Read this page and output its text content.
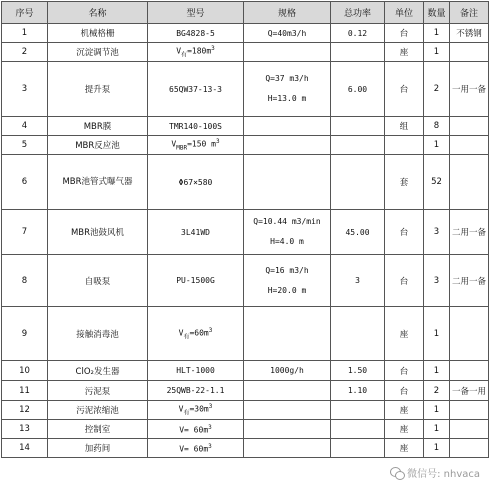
序号	名称	型号	规格	总功率	单位	数量	备注
1	机械格栅	BG4828-5	Q=40m3/h	0.12	台	1	不锈钢
2	沉淀调节池	$V_有=180m^3$			座	1	
3	提升泵	65QW37-13-3	Q=37 m3/h
H=13.0 m	6.00	台	2	一用一备
4	MBR膜	TMR140-100S			组	8	
5	MBR反应池	$V_{MBR}=150$ $m^3$				1	
6	MBR池管式曝气器	Φ67×580			套	52	
7	MBR池鼓风机	3L41WD	Q=10.44 m3/min
H=4.0 m	45.00	台	3	二用一备
8	自吸泵	PU-1500G	Q=16 m3/h
H=20.0 m	3	台	3	二用一备
9	接触消毒池	$V_有=60m^3$			座	1	
10	ClO₂发生器	HLT-1000	1000g/h	1.50	台	1	
11	污泥泵	25QWB-22-1.1		1.10	台	2	一备一用
12	污泥浓缩池	$V_有=30m^3$			座	1	
13	控制室	$V= 60m^3$			座	1	
14	加药间	$V= 60m^3$			座	1	
微信号: nhvaca
